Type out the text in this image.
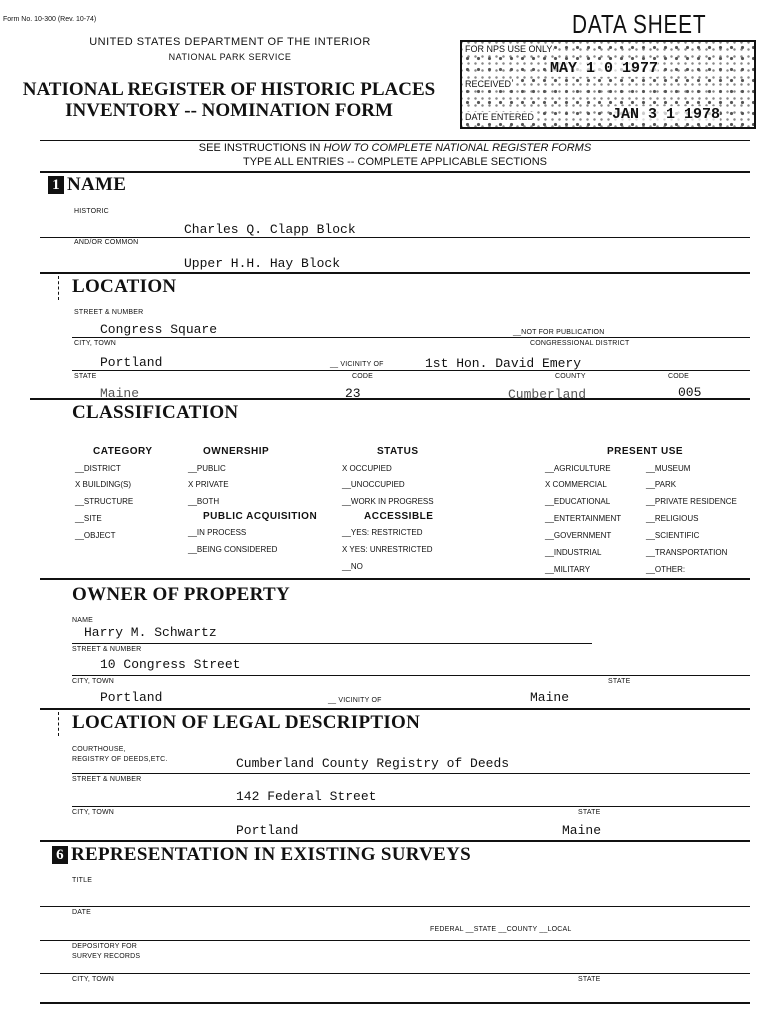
Form No. 10-300 (Rev. 10-74)
UNITED STATES DEPARTMENT OF THE INTERIOR
NATIONAL PARK SERVICE
NATIONAL REGISTER OF HISTORIC PLACES
INVENTORY -- NOMINATION FORM
DATA SHEET
FOR NPS USE ONLY
RECEIVED
MAY 1 0 1977
DATE ENTERED	JAN 3 1 1978
SEE INSTRUCTIONS IN HOW TO COMPLETE NATIONAL REGISTER FORMS
TYPE ALL ENTRIES -- COMPLETE APPLICABLE SECTIONS
1 NAME
HISTORIC
Charles Q. Clapp Block
AND/OR COMMON
Upper H.H. Hay Block
LOCATION
STREET & NUMBER
Congress Square	__NOT FOR PUBLICATION
CITY, TOWN	CONGRESSIONAL DISTRICT
Portland	__ VICINITY OF	1st Hon. David Emery
STATE	CODE	COUNTY	CODE
Maine	23	Cumberland	005
CLASSIFICATION
CATEGORY
__DISTRICT
X BUILDING(S)
__STRUCTURE
__SITE
__OBJECT
OWNERSHIP
__PUBLIC
X PRIVATE
__BOTH
PUBLIC ACQUISITION
__IN PROCESS
__BEING CONSIDERED
STATUS
X OCCUPIED
__UNOCCUPIED
__WORK IN PROGRESS
ACCESSIBLE
__YES: RESTRICTED
X YES: UNRESTRICTED
__NO
PRESENT USE
__AGRICULTURE
X COMMERCIAL
__EDUCATIONAL
__ENTERTAINMENT
__GOVERNMENT
__INDUSTRIAL
__MILITARY
__MUSEUM
__PARK
__PRIVATE RESIDENCE
__RELIGIOUS
__SCIENTIFIC
__TRANSPORTATION
__OTHER:
OWNER OF PROPERTY
NAME
Harry M. Schwartz
STREET & NUMBER
10 Congress Street
CITY, TOWN	STATE
Portland	__ VICINITY OF	Maine
LOCATION OF LEGAL DESCRIPTION
COURTHOUSE,
REGISTRY OF DEEDS,ETC.	Cumberland County Registry of Deeds
STREET & NUMBER
142 Federal Street
CITY, TOWN	STATE
Portland	Maine
6 REPRESENTATION IN EXISTING SURVEYS
TITLE
DATE
FEDERAL __STATE __COUNTY __LOCAL
DEPOSITORY FOR
SURVEY RECORDS
CITY, TOWN	STATE
